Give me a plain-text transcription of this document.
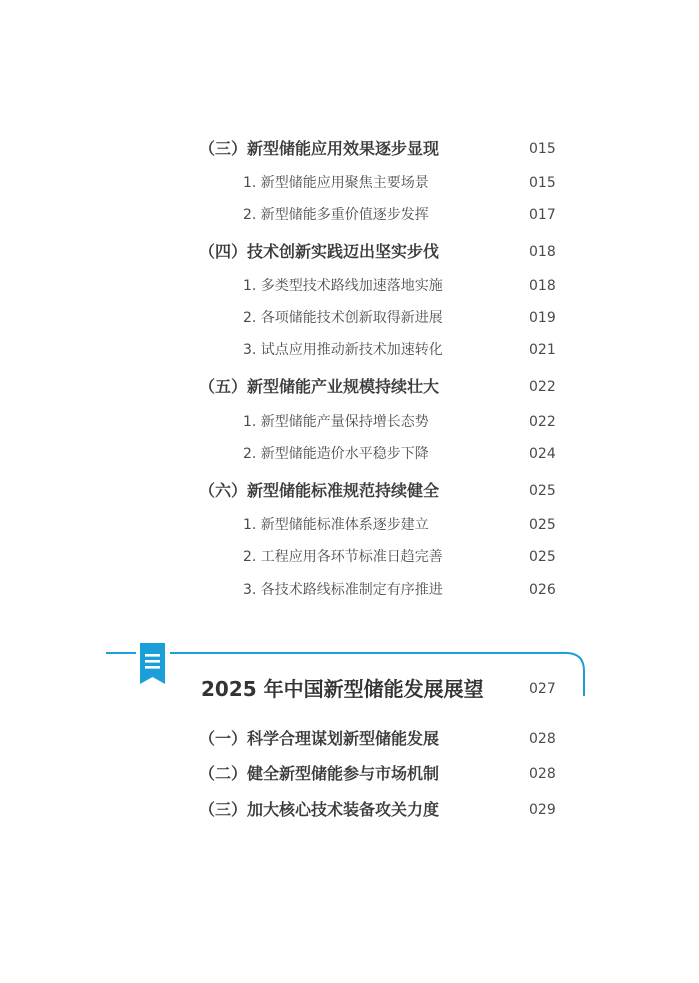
（三）新型储能应用效果逐步显现	015
1. 新型储能应用聚焦主要场景	015
2. 新型储能多重价值逐步发挥	017
（四）技术创新实践迈出坚实步伐	018
1. 多类型技术路线加速落地实施	018
2. 各项储能技术创新取得新进展	019
3. 试点应用推动新技术加速转化	021
（五）新型储能产业规模持续壮大	022
1. 新型储能产量保持增长态势	022
2. 新型储能造价水平稳步下降	024
（六）新型储能标准规范持续健全	025
1. 新型储能标准体系逐步建立	025
2. 工程应用各环节标准日趋完善	025
3. 各技术路线标准制定有序推进	026
2025 年中国新型储能发展展望	027
（一）科学合理谋划新型储能发展	028
（二）健全新型储能参与市场机制	028
（三）加大核心技术装备攻关力度	029
